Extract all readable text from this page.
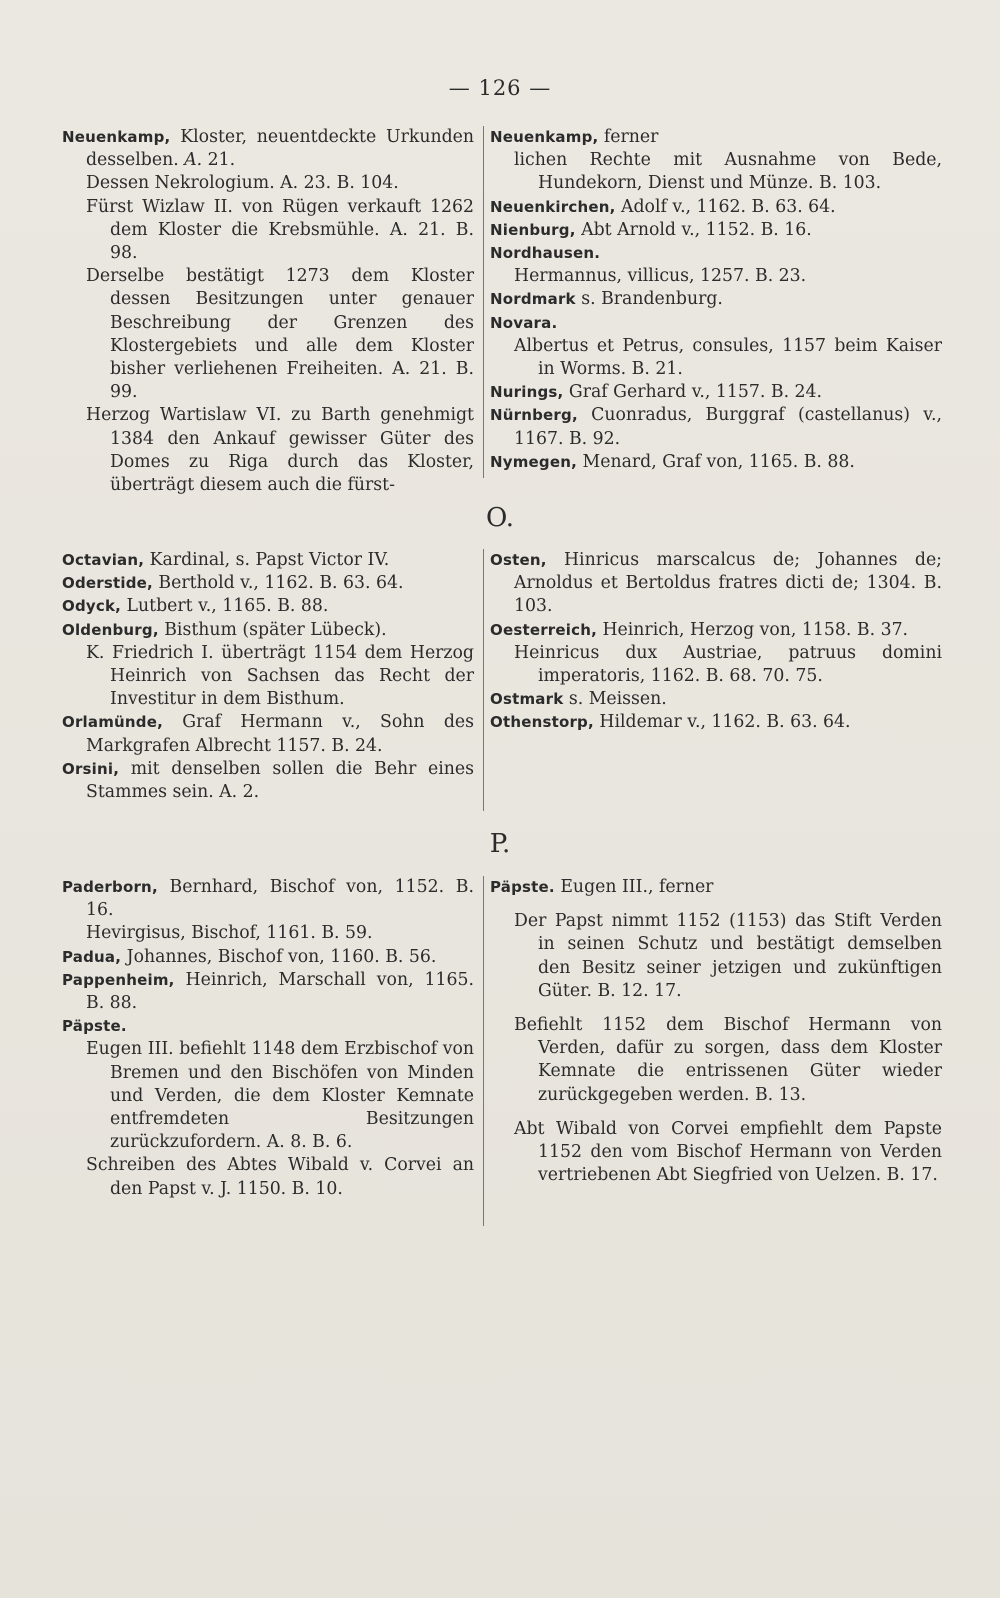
— 126 —

Neuenkamp, Kloster, neuentdeckte Urkunden desselben. A. 21.

Dessen Nekrologium. A. 23. B. 104.

Fürst Wizlaw II. von Rügen verkauft 1262 dem Kloster die Krebsmühle. A. 21. B. 98.

Derselbe bestätigt 1273 dem Kloster dessen Besitzungen unter genauer Beschreibung der Grenzen des Klostergebiets und alle dem Kloster bisher verliehenen Freiheiten. A. 21. B. 99.

Herzog Wartislaw VI. zu Barth genehmigt 1384 den Ankauf gewisser Güter des Domes zu Riga durch das Kloster, überträgt diesem auch die fürst-

Neuenkamp, ferner

lichen Rechte mit Ausnahme von Bede, Hundekorn, Dienst und Münze. B. 103.

Neuenkirchen, Adolf v., 1162. B. 63. 64.

Nienburg, Abt Arnold v., 1152. B. 16.

Nordhausen.

Hermannus, villicus, 1257. B. 23.

Nordmark s. Brandenburg.

Novara.

Albertus et Petrus, consules, 1157 beim Kaiser in Worms. B. 21.

Nurings, Graf Gerhard v., 1157. B. 24.

Nürnberg, Cuonradus, Burggraf (castellanus) v., 1167. B. 92.

Nymegen, Menard, Graf von, 1165. B. 88.

O.

Octavian, Kardinal, s. Papst Victor IV.

Oderstide, Berthold v., 1162. B. 63. 64.

Odyck, Lutbert v., 1165. B. 88.

Oldenburg, Bisthum (später Lübeck).

K. Friedrich I. überträgt 1154 dem Herzog Heinrich von Sachsen das Recht der Investitur in dem Bisthum.

Orlamünde, Graf Hermann v., Sohn des Markgrafen Albrecht 1157. B. 24.

Orsini, mit denselben sollen die Behr eines Stammes sein. A. 2.

Osten, Hinricus marscalcus de; Johannes de; Arnoldus et Bertoldus fratres dicti de; 1304. B. 103.

Oesterreich, Heinrich, Herzog von, 1158. B. 37.

Heinricus dux Austriae, patruus domini imperatoris, 1162. B. 68. 70. 75.

Ostmark s. Meissen.

Othenstorp, Hildemar v., 1162. B. 63. 64.

P.

Paderborn, Bernhard, Bischof von, 1152. B. 16.

Hevirgisus, Bischof, 1161. B. 59.

Padua, Johannes, Bischof von, 1160. B. 56.

Pappenheim, Heinrich, Marschall von, 1165. B. 88.

Päpste.

Eugen III. befiehlt 1148 dem Erzbischof von Bremen und den Bischöfen von Minden und Verden, die dem Kloster Kemnate entfremdeten Besitzungen zurückzufordern. A. 8. B. 6.

Schreiben des Abtes Wibald v. Corvei an den Papst v. J. 1150. B. 10.

Päpste. Eugen III., ferner

Der Papst nimmt 1152 (1153) das Stift Verden in seinen Schutz und bestätigt demselben den Besitz seiner jetzigen und zukünftigen Güter. B. 12. 17.

Befiehlt 1152 dem Bischof Hermann von Verden, dafür zu sorgen, dass dem Kloster Kemnate die entrissenen Güter wieder zurückgegeben werden. B. 13.

Abt Wibald von Corvei empfiehlt dem Papste 1152 den vom Bischof Hermann von Verden vertriebenen Abt Siegfried von Uelzen. B. 17.
